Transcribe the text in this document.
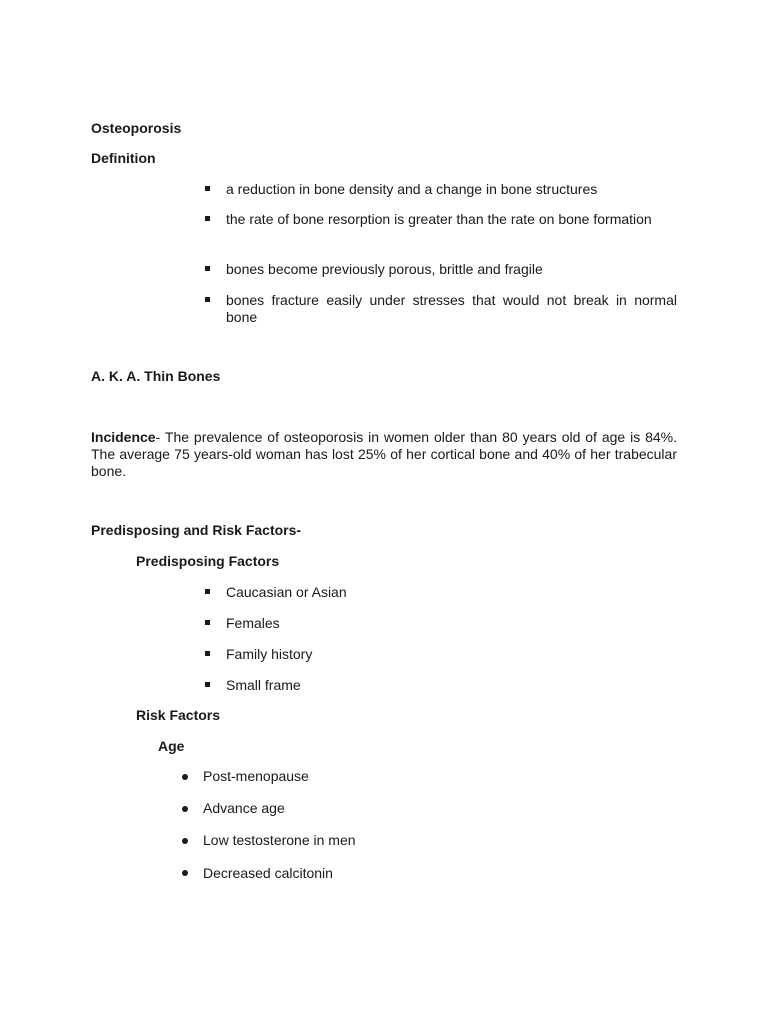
Osteoporosis

Definition

a reduction in bone density and a change in bone structures

the rate of bone resorption is greater than the rate on bone formation

bones become previously porous, brittle and fragile

bones fracture easily under stresses that would not break in normal bone

A. K. A. Thin Bones

Incidence- The prevalence of osteoporosis in women older than 80 years old of age is 84%. The average 75 years-old woman has lost 25% of her cortical bone and 40% of her trabecular bone.

Predisposing and Risk Factors-

Predisposing Factors

Caucasian or Asian

Females

Family history

Small frame

Risk Factors

Age

Post-menopause

Advance age

Low testosterone in men

Decreased calcitonin
